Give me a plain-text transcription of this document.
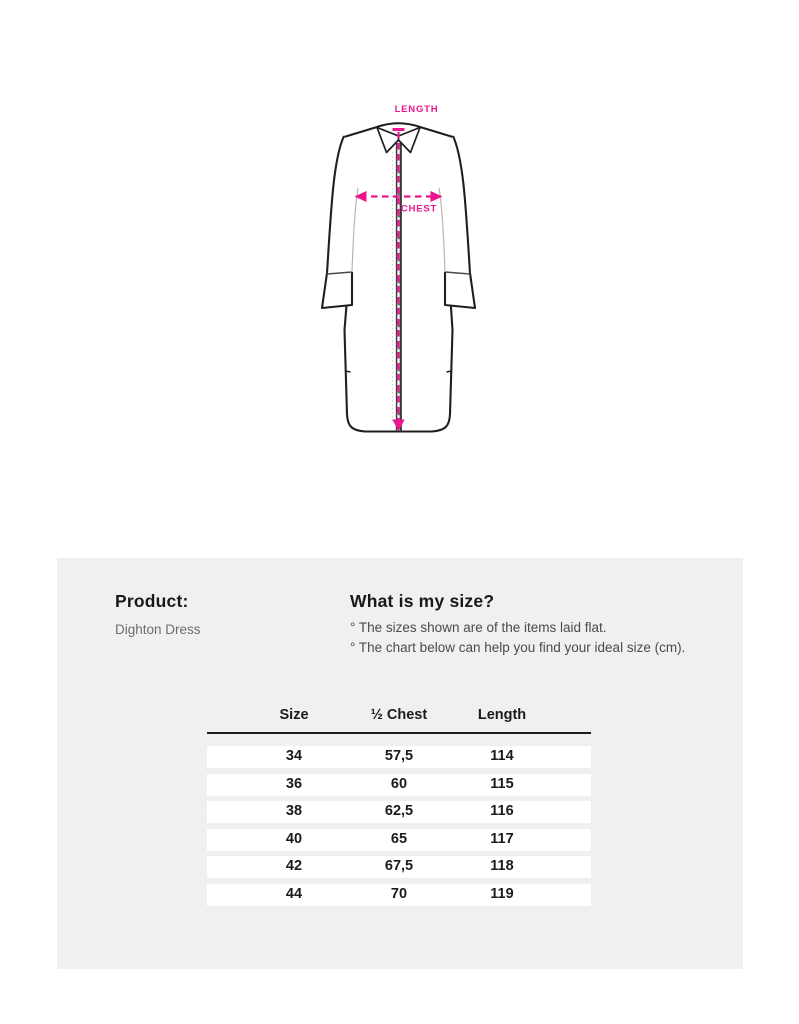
LENGTH
CHEST
Product:
Dighton Dress
What is my size?
° The sizes shown are of the items laid flat.
° The chart below can help you find your ideal size (cm).
Size	½ Chest	Length
34	57,5	114
36	60	115
38	62,5	116
40	65	117
42	67,5	118
44	70	119
